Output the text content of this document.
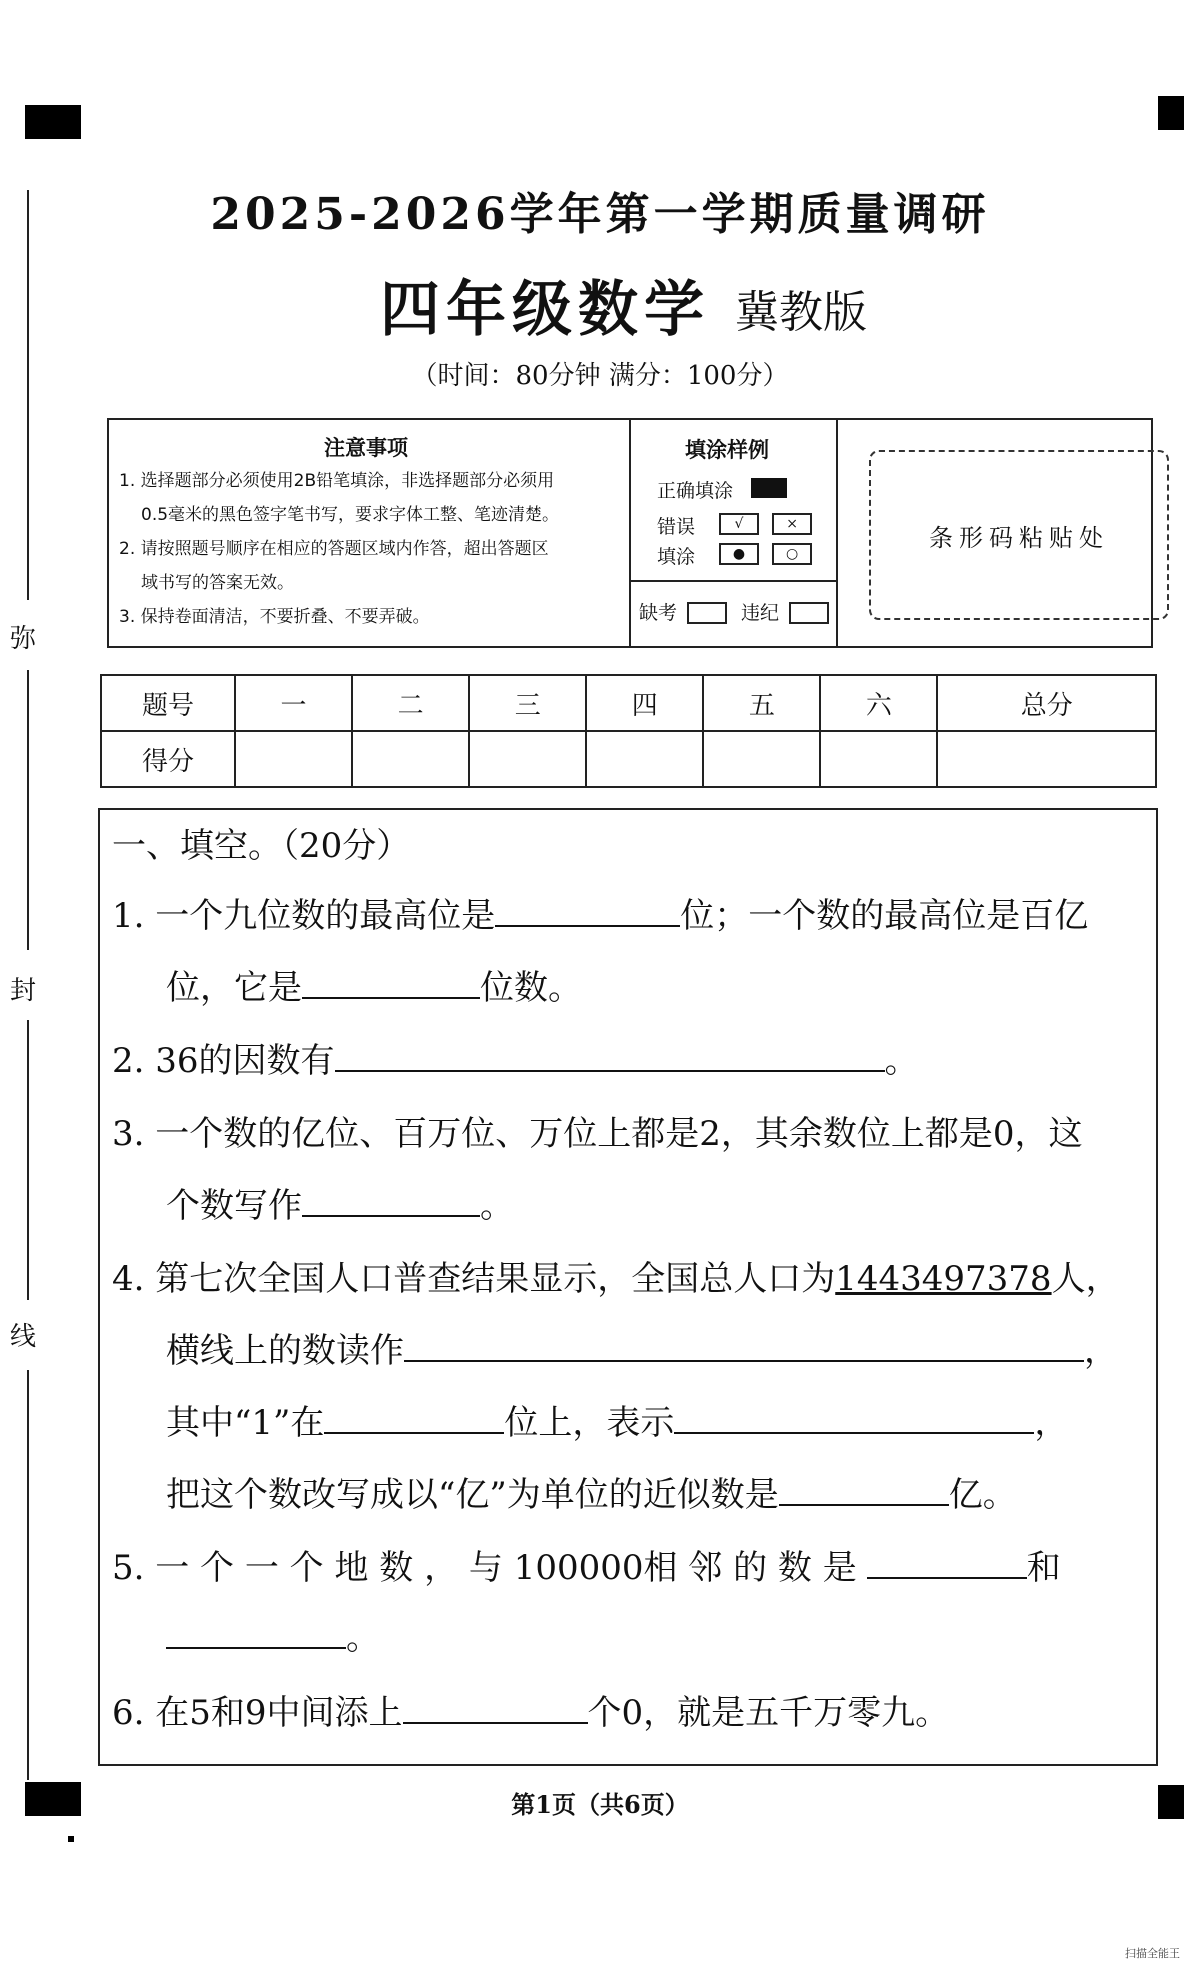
弥
封
线
2025-2026学年第一学期质量调研
四年级数学 冀教版
（时间：80分钟 满分：100分）
注意事项
1. 选择题部分必须使用2B铅笔填涂，非选择题部分必须用
0.5毫米的黑色签字笔书写，要求字体工整、笔迹清楚。
2. 请按照题号顺序在相应的答题区域内作答，超出答题区
域书写的答案无效。
3. 保持卷面清洁，不要折叠、不要弄破。
填涂样例
正确填涂
错误
填涂
√	×
●	○
缺考	违纪
条形码粘贴处
题号	一	二	三	四	五	六	总分
得分							
一、填空。（20分）
1. 一个九位数的最高位是	位；一个数的最高位是百亿
位，它是	位数。
2. 36的因数有	。
3. 一个数的亿位、百万位、万位上都是2，其余数位上都是0，这
个数写作	。
4. 第七次全国人口普查结果显示，全国总人口为1443497378人，
横线上的数读作	，
其中“1”在	位上，表示	，
把这个数改写成以“亿”为单位的近似数是	亿。
5. 一 个 一 个 地 数 ， 与 100000相 邻 的 数 是	和
。
6. 在5和9中间添上	个0，就是五千万零九。
第1页（共6页）
扫描全能王
